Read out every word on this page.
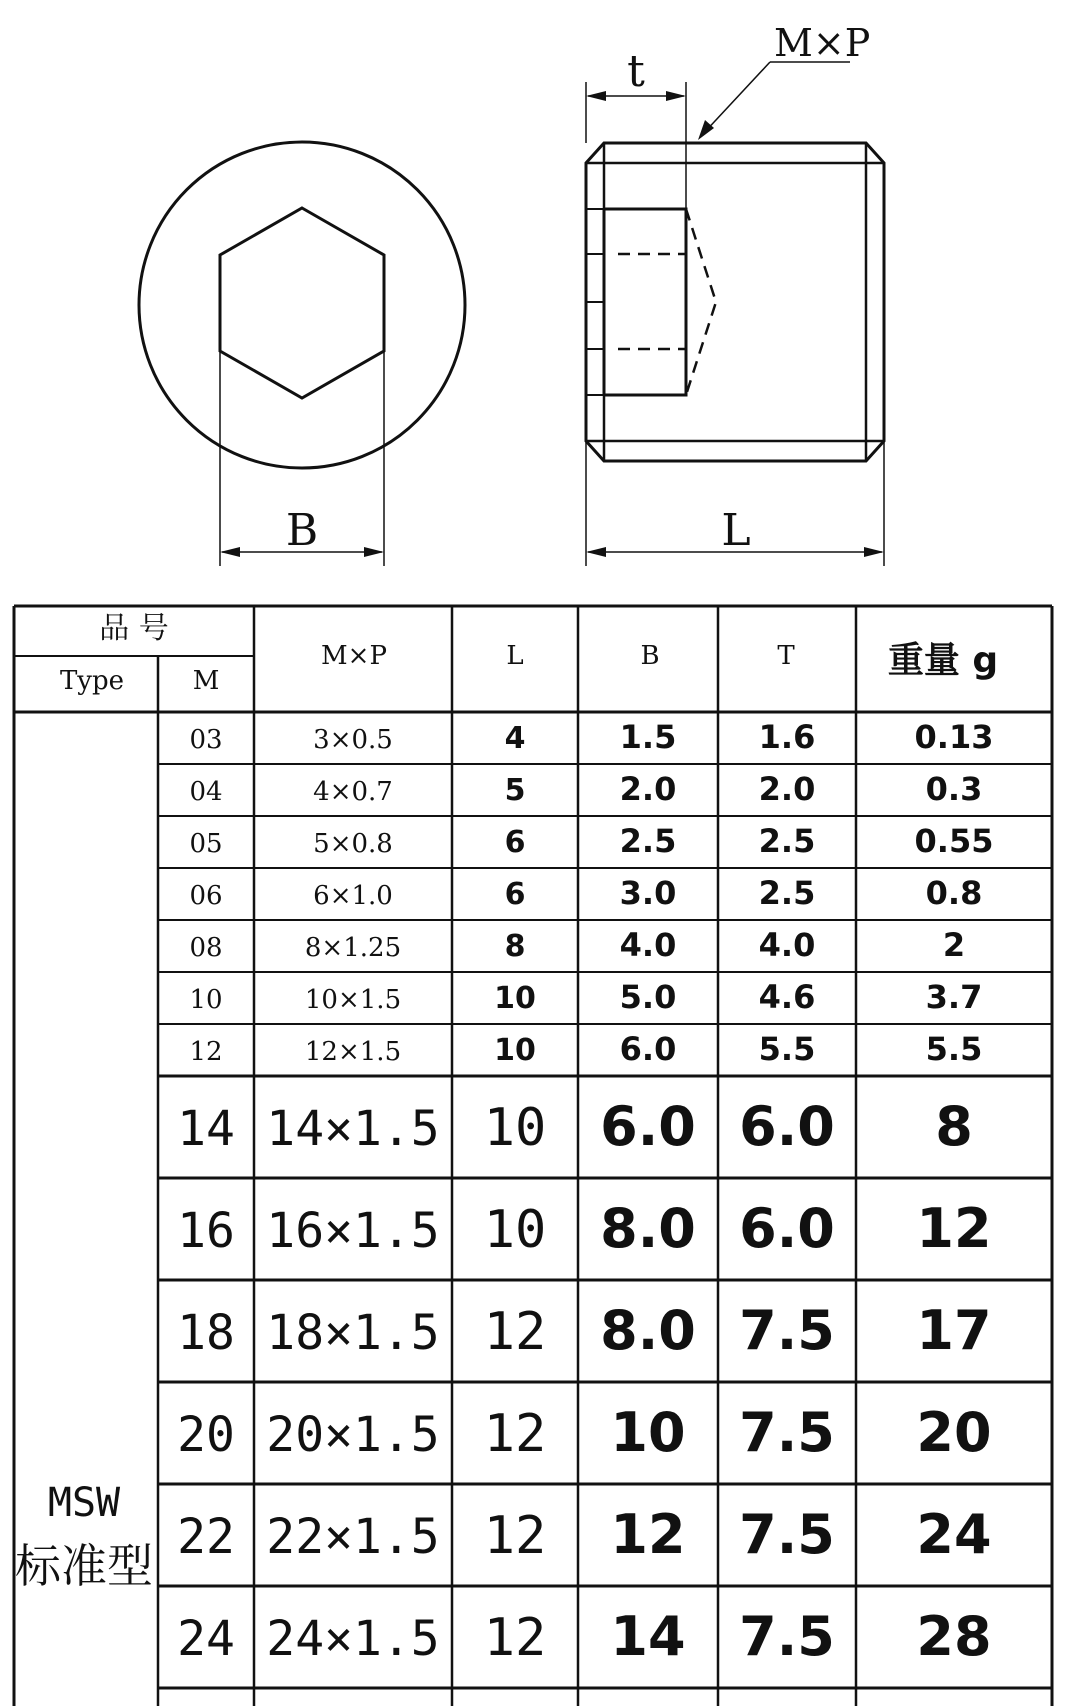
B
t
M×P
L
品 号
Type	M
M×P	L	B	T	重量 g
03	3×0.5	4	1.5	1.6	0.13
04	4×0.7	5	2.0	2.0	0.3
05	5×0.8	6	2.5	2.5	0.55
06	6×1.0	6	3.0	2.5	0.8
08	8×1.25	8	4.0	4.0	2
10	10×1.5	10	5.0	4.6	3.7
12	12×1.5	10	6.0	5.5	5.5
14 14×1.5 10 6.0 6.0 8
16 16×1.5 10 8.0 6.0 12
18 18×1.5 12 8.0 7.5 17
20 20×1.5 12 10 7.5 20
22 22×1.5 12 12 7.5 24
24 24×1.5 12 14 7.5 28
MSW
标准型
